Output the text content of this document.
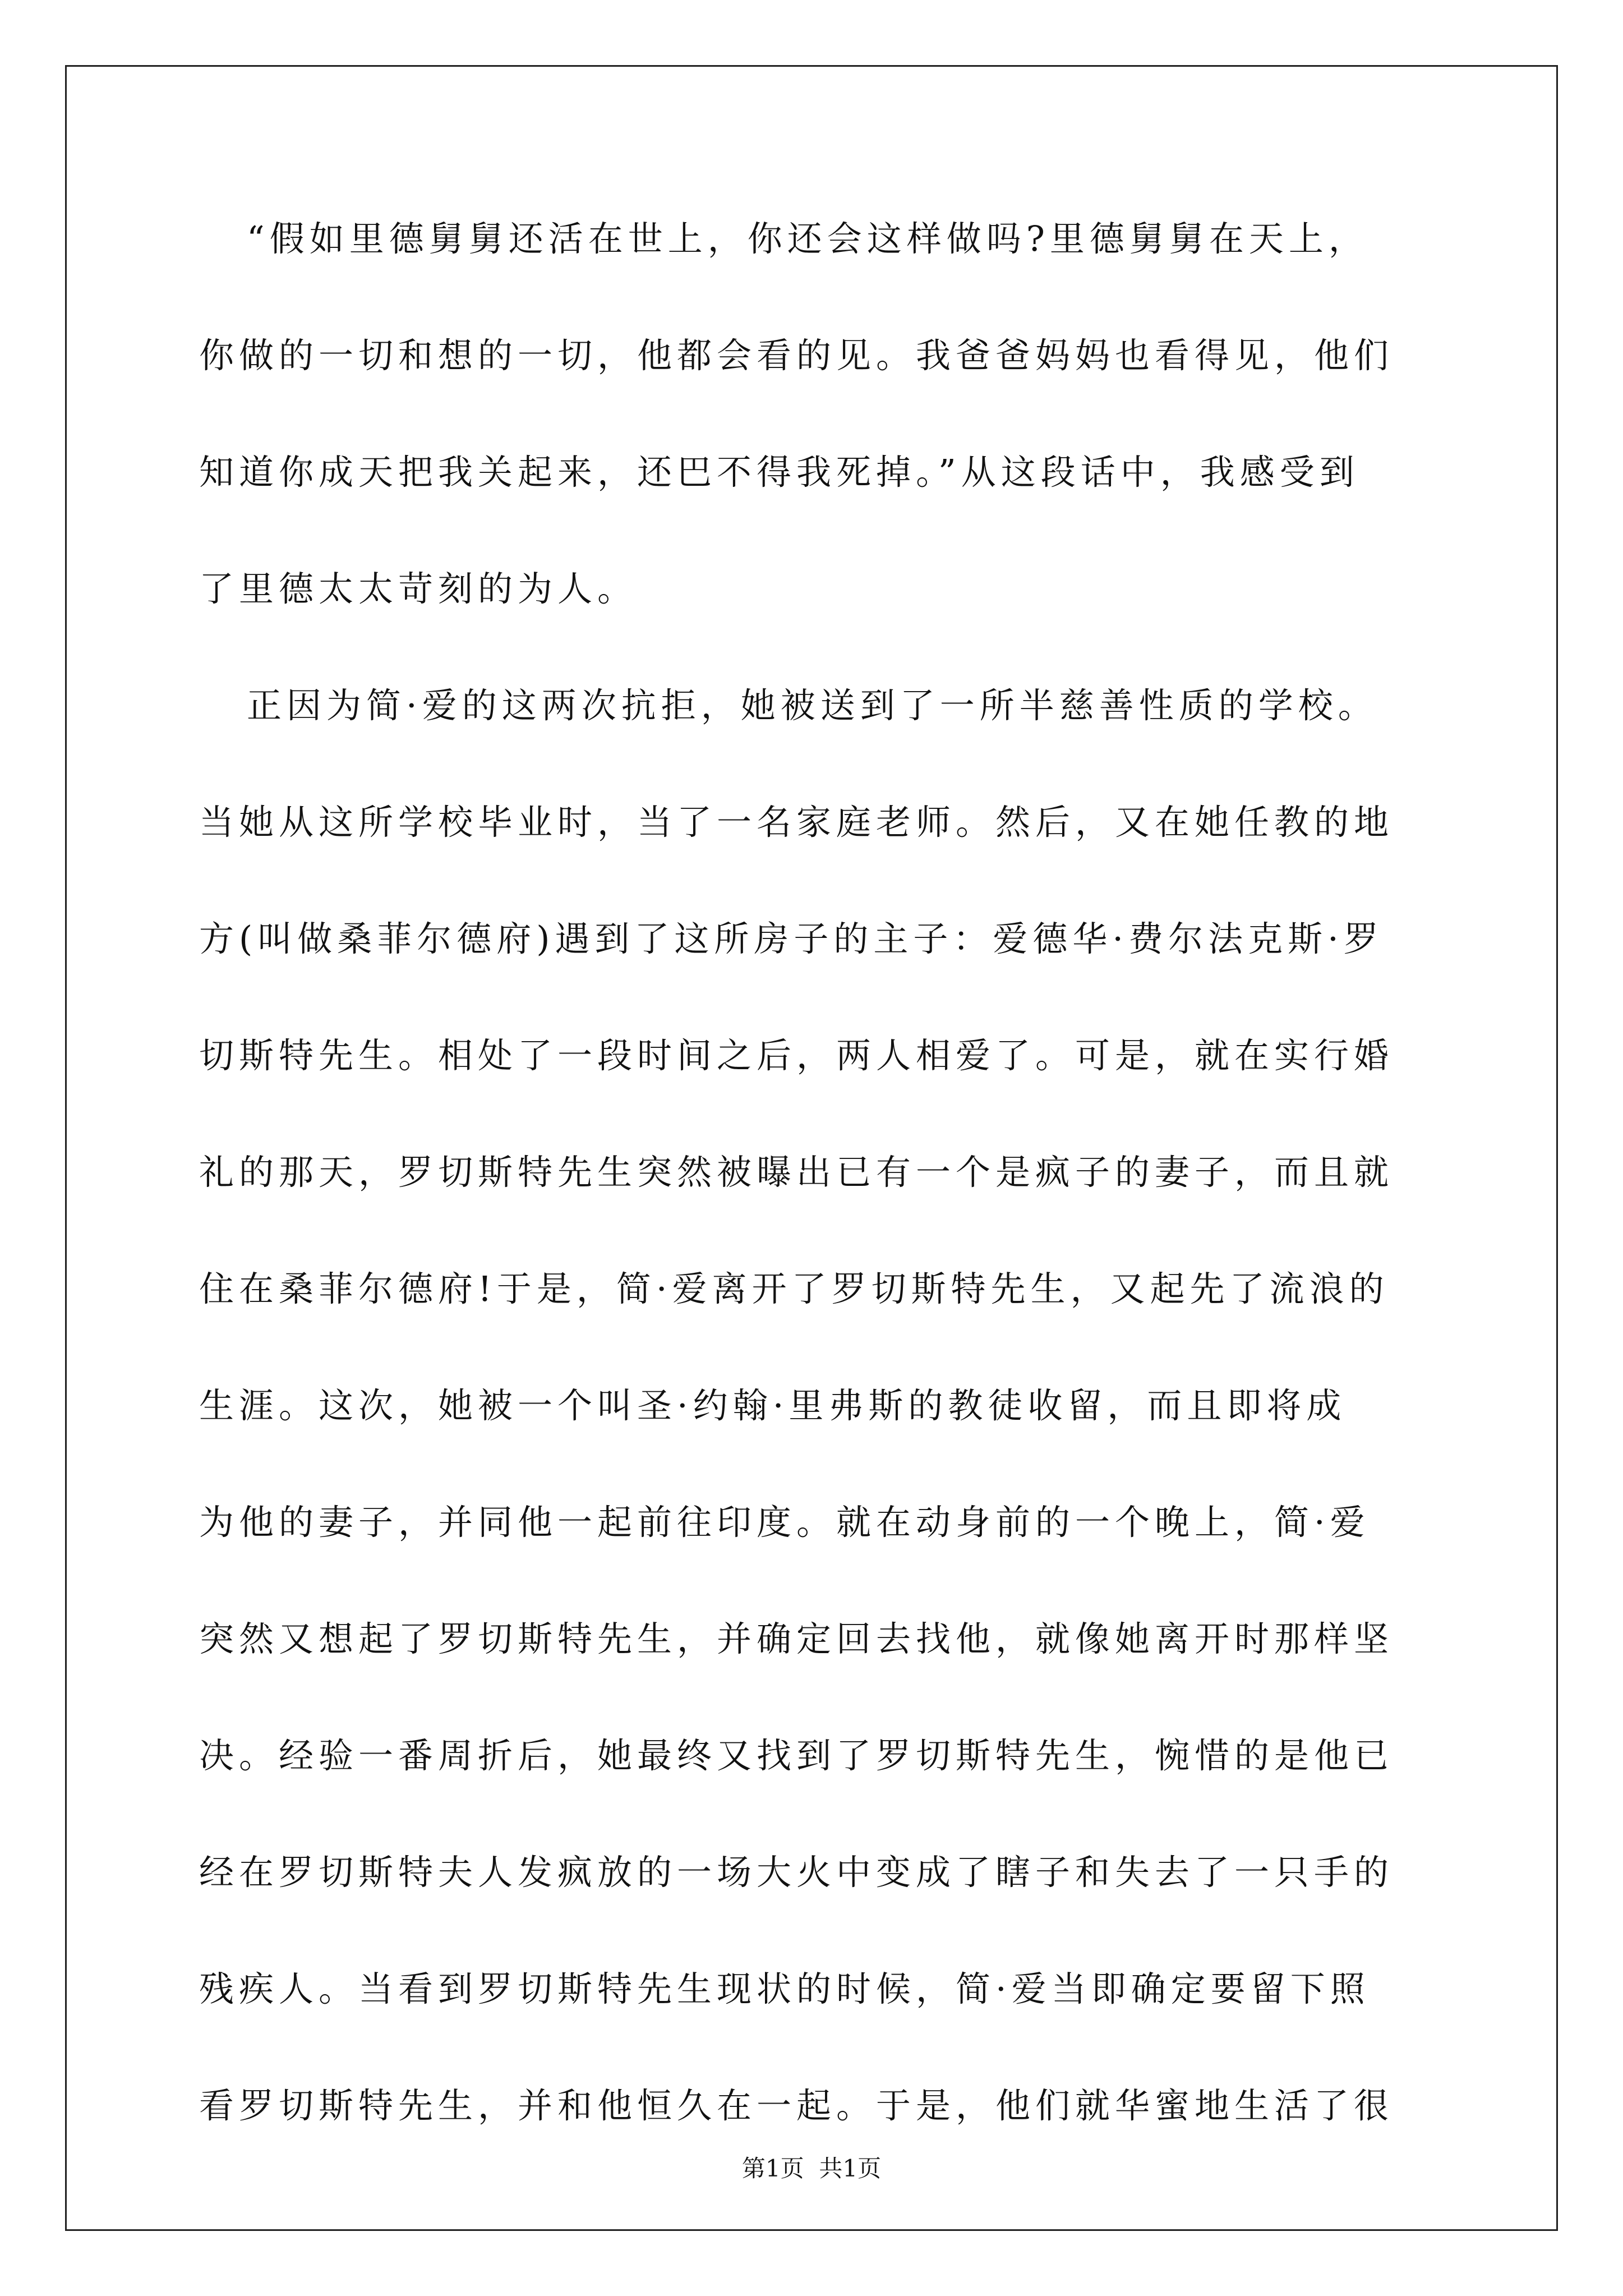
“假如里德舅舅还活在世上，你还会这样做吗?里德舅舅在天上，
你做的一切和想的一切，他都会看的见。我爸爸妈妈也看得见，他们
知道你成天把我关起来，还巴不得我死掉。”从这段话中，我感受到
了里德太太苛刻的为人。
正因为简·爱的这两次抗拒，她被送到了一所半慈善性质的学校。
当她从这所学校毕业时，当了一名家庭老师。然后，又在她任教的地
方(叫做桑菲尔德府)遇到了这所房子的主子：爱德华·费尔法克斯·罗
切斯特先生。相处了一段时间之后，两人相爱了。可是，就在实行婚
礼的那天，罗切斯特先生突然被曝出已有一个是疯子的妻子，而且就
住在桑菲尔德府!于是，简·爱离开了罗切斯特先生，又起先了流浪的
生涯。这次，她被一个叫圣·约翰·里弗斯的教徒收留，而且即将成
为他的妻子，并同他一起前往印度。就在动身前的一个晚上，简·爱
突然又想起了罗切斯特先生，并确定回去找他，就像她离开时那样坚
决。经验一番周折后，她最终又找到了罗切斯特先生，惋惜的是他已
经在罗切斯特夫人发疯放的一场大火中变成了瞎子和失去了一只手的
残疾人。当看到罗切斯特先生现状的时候，简·爱当即确定要留下照
看罗切斯特先生，并和他恒久在一起。于是，他们就华蜜地生活了很
第1页  共1页
